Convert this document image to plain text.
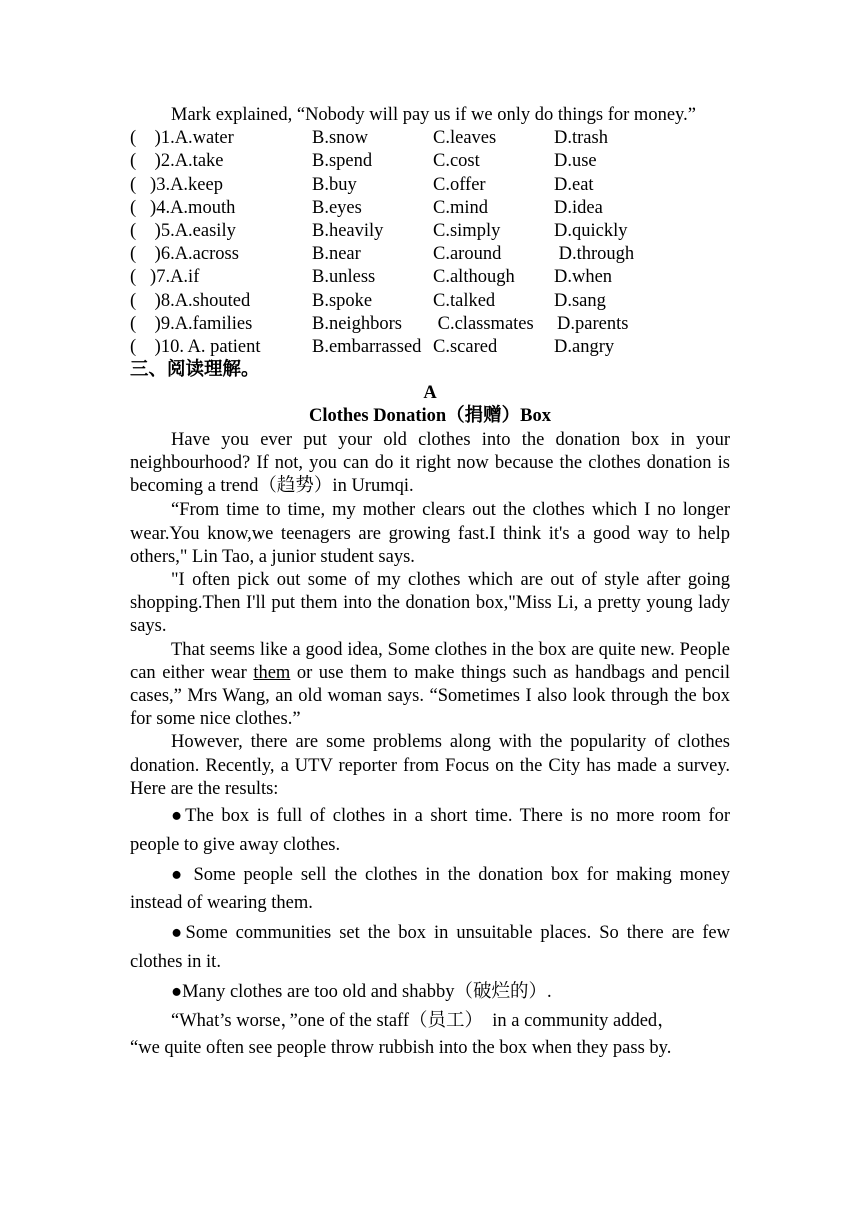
Mark explained, “Nobody will pay us if we only do things for money.”

(    )1.A.water	B.snow	C.leaves	D.trash
(    )2.A.take	B.spend	C.cost	D.use
(   )3.A.keep	B.buy	C.offer	D.eat
(   )4.A.mouth	B.eyes	C.mind	D.idea
(    )5.A.easily	B.heavily	C.simply	D.quickly
(    )6.A.across	B.near	C.around	D.through
(   )7.A.if	B.unless	C.although	D.when
(    )8.A.shouted	B.spoke	C.talked	D.sang
(    )9.A.families	B.neighbors	C.classmates	D.parents
(    )10. A. patient	B.embarrassed C.scared	D.angry

三、阅读理解。

A

Clothes Donation（捐赠）Box

Have you ever put your old clothes into the donation box in your neighbourhood? If not, you can do it right now because the clothes donation is becoming a trend（趋势）in Urumqi.

“From time to time, my mother clears out the clothes which I no longer wear.You know,we teenagers are growing fast.I think it's a good way to help others," Lin Tao, a junior student says.

"I often pick out some of my clothes which are out of style after going shopping.Then I'll put them into the donation box,"Miss Li, a pretty young lady says.

That seems like a good idea, Some clothes in the box are quite new. People can either wear them or use them to make things such as handbags and pencil cases,” Mrs Wang, an old woman says. “Sometimes I also look through the box for some nice clothes.”

However, there are some problems along with the popularity of clothes donation. Recently, a UTV reporter from Focus on the City has made a survey. Here are the results:

●The box is full of clothes in a short time. There is no more room for people to give away clothes.

● Some people sell the clothes in the donation box for making money instead of wearing them.

●Some communities set the box in unsuitable places. So there are few clothes in it.

●Many clothes are too old and shabby（破烂的）.

“What’s worse，”one of the staff（员工）  in a community added，

“we quite often see people throw rubbish into the box when they pass by.
